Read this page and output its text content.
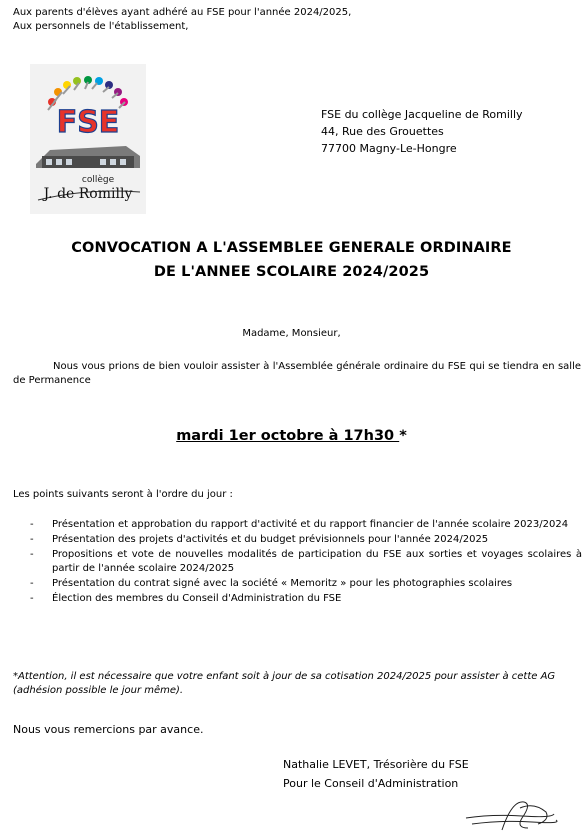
Aux parents d'élèves ayant adhéré au FSE pour l'année 2024/2025,
Aux personnels de l'établissement,
FSE
collège
J. de Romilly
FSE du collège Jacqueline de Romilly
44, Rue des Grouettes
77700 Magny-Le-Hongre
CONVOCATION A L'ASSEMBLEE GENERALE ORDINAIRE
DE L'ANNEE SCOLAIRE 2024/2025
Madame, Monsieur,
Nous vous prions de bien vouloir assister à l'Assemblée générale ordinaire du FSE qui se tiendra en salle de Permanence
mardi 1er octobre à 17h30 *
Les points suivants seront à l'ordre du jour :
- Présentation et approbation du rapport d'activité et du rapport financier de l'année scolaire 2023/2024
- Présentation des projets d'activités et du budget prévisionnels pour l'année 2024/2025
- Propositions et vote de nouvelles modalités de participation du FSE aux sorties et voyages scolaires à partir de l'année scolaire 2024/2025
- Présentation du contrat signé avec la société « Memoritz » pour les photographies scolaires
- Élection des membres du Conseil d'Administration du FSE
*Attention, il est nécessaire que votre enfant soit à jour de sa cotisation 2024/2025 pour assister à cette AG (adhésion possible le jour même).
Nous vous remercions par avance.
Nathalie LEVET, Trésorière du FSE
Pour le Conseil d'Administration
